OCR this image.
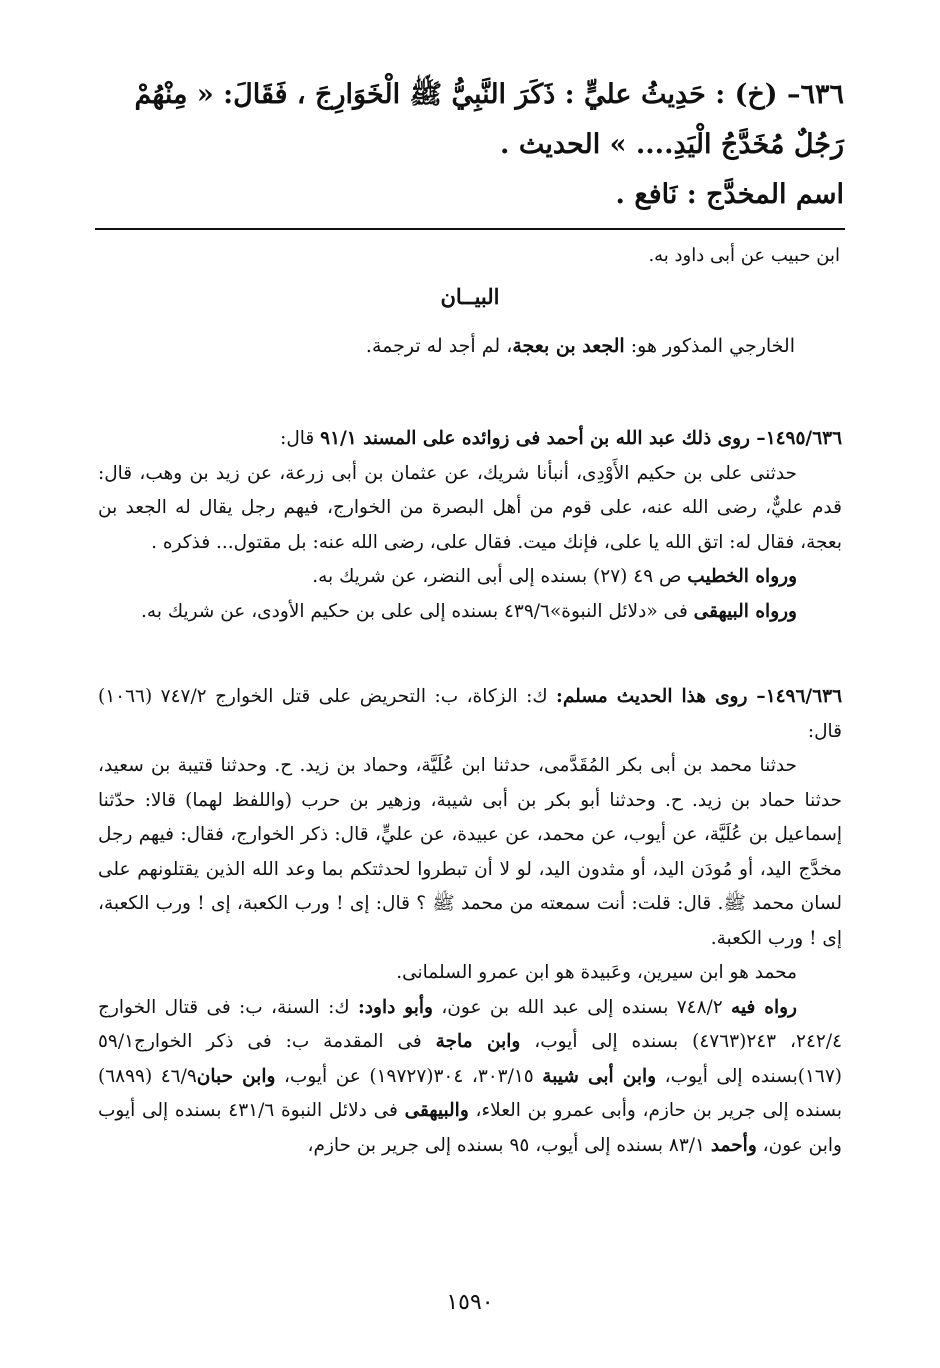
٦٣٦– (خ) : حَدِيثُ عليٍّ : ذَكَرَ النَّبِيُّ ﷺ الْخَوَارِجَ ، فَقَالَ: « مِنْهُمْ رَجُلٌ مُخَدَّجُ الْيَدِ.... » الحديث .

اسم المخدَّج : نَافع .

ابن حبيب عن أبى داود به.
البيــان
الخارجي المذكور هو: الجعد بن بعجة، لم أجد له ترجمة.

١٤٩٥/٦٣٦– روى ذلك عبد الله بن أحمد فى زوائده على المسند ٩١/١ قال:

حدثنى على بن حكيم الأَوْدِى، أنبأنا شريك، عن عثمان بن أبى زرعة، عن زيد بن وهب، قال: قدم عليٌّ، رضى الله عنه، على قوم من أهل البصرة من الخوارج، فيهم رجل يقال له الجعد بن بعجة، فقال له: اتق الله يا على، فإنك ميت. فقال على، رضى الله عنه: بل مقتول... فذكره .

ورواه الخطيب ص ٤٩ (٢٧) بسنده إلى أبى النضر، عن شريك به.

ورواه البيهقى فى «دلائل النبوة»٤٣٩/٦ بسنده إلى على بن حكيم الأودى، عن شريك به.

١٤٩٦/٦٣٦– روى هذا الحديث مسلم: ك: الزكاة، ب: التحريض على قتل الخوارج ٧٤٧/٢ (١٠٦٦) قال:

حدثنا محمد بن أبى بكر المُقَدَّمى، حدثنا ابن عُلَيَّة، وحماد بن زيد. ح. وحدثنا قتيبة بن سعيد، حدثنا حماد بن زيد. ح. وحدثنا أبو بكر بن أبى شيبة، وزهير بن حرب (واللفظ لهما) قالا: حدّثنا إسماعيل بن عُلَيَّة، عن أيوب، عن محمد، عن عبيدة، عن عليٍّ، قال: ذكر الخوارج، فقال: فيهم رجل مخدَّج اليد، أو مُودَن اليد، أو مثدون اليد، لو لا أن تبطروا لحدثتكم بما وعد الله الذين يقتلونهم على لسان محمد ﷺ. قال: قلت: أنت سمعته من محمد ﷺ ؟ قال: إى ! ورب الكعبة، إى ! ورب الكعبة، إى ! ورب الكعبة.

محمد هو ابن سيرين، وعَبيدة هو ابن عمرو السلمانى.

رواه فيه ٧٤٨/٢ بسنده إلى عبد الله بن عون، وأبو داود: ك: السنة، ب: فى قتال الخوارج ٢٤٢/٤، ٢٤٣(٤٧٦٣) بسنده إلى أيوب، وابن ماجة فى المقدمة ب: فى ذكر الخوارج٥٩/١ (١٦٧)بسنده إلى أيوب، وابن أبى شيبة ٣٠٣/١٥، ٣٠٤(١٩٧٢٧) عن أيوب، وابن حبان٤٦/٩ (٦٨٩٩) بسنده إلى جرير بن حازم، وأبى عمرو بن العلاء، والبيهقى فى دلائل النبوة ٤٣١/٦ بسنده إلى أيوب وابن عون، وأحمد ٨٣/١ بسنده إلى أيوب، ٩٥ بسنده إلى جرير بن حازم،

١٥٩٠
